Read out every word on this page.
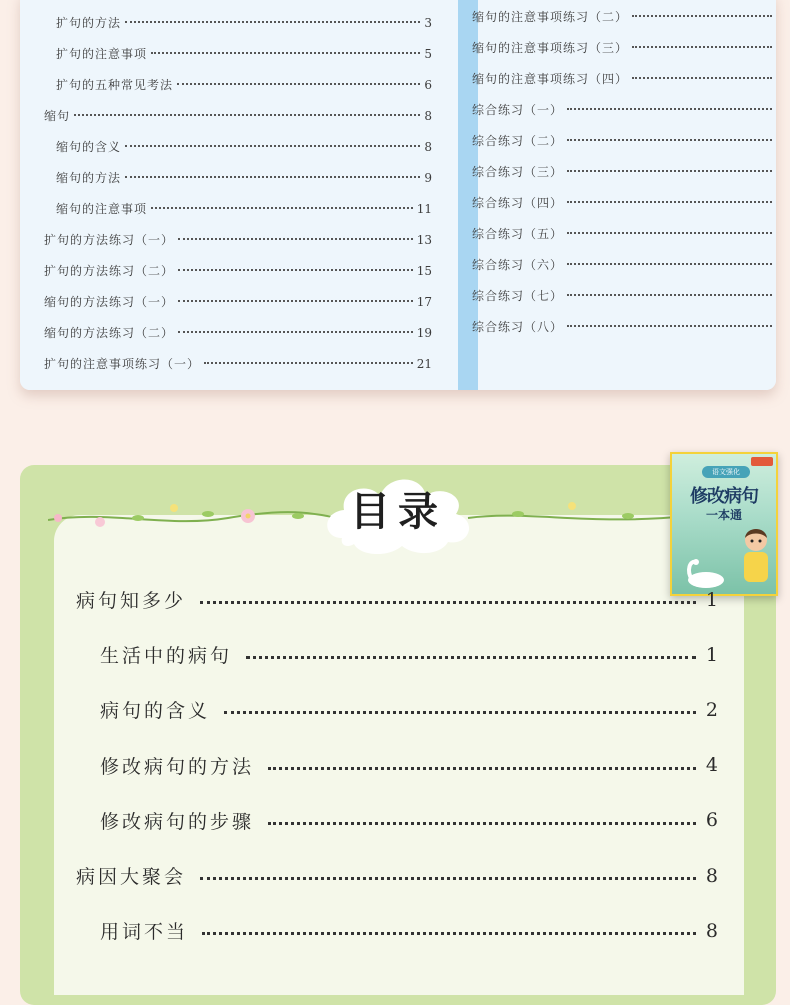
扩句的方法	3
扩句的注意事项	5
扩句的五种常见考法	6
缩句	8
缩句的含义	8
缩句的方法	9
缩句的注意事项	11
扩句的方法练习（一）	13
扩句的方法练习（二）	15
缩句的方法练习（一）	17
缩句的方法练习（二）	19
扩句的注意事项练习（一）	21
缩句的注意事项练习（二）
缩句的注意事项练习（三）
缩句的注意事项练习（四）
综合练习（一）
综合练习（二）
综合练习（三）
综合练习（四）
综合练习（五）
综合练习（六）
综合练习（七）
综合练习（八）
目录
语文强化
修改病句
一本通
病句知多少	1
生活中的病句	1
病句的含义	2
修改病句的方法	4
修改病句的步骤	6
病因大聚会	8
用词不当	8
